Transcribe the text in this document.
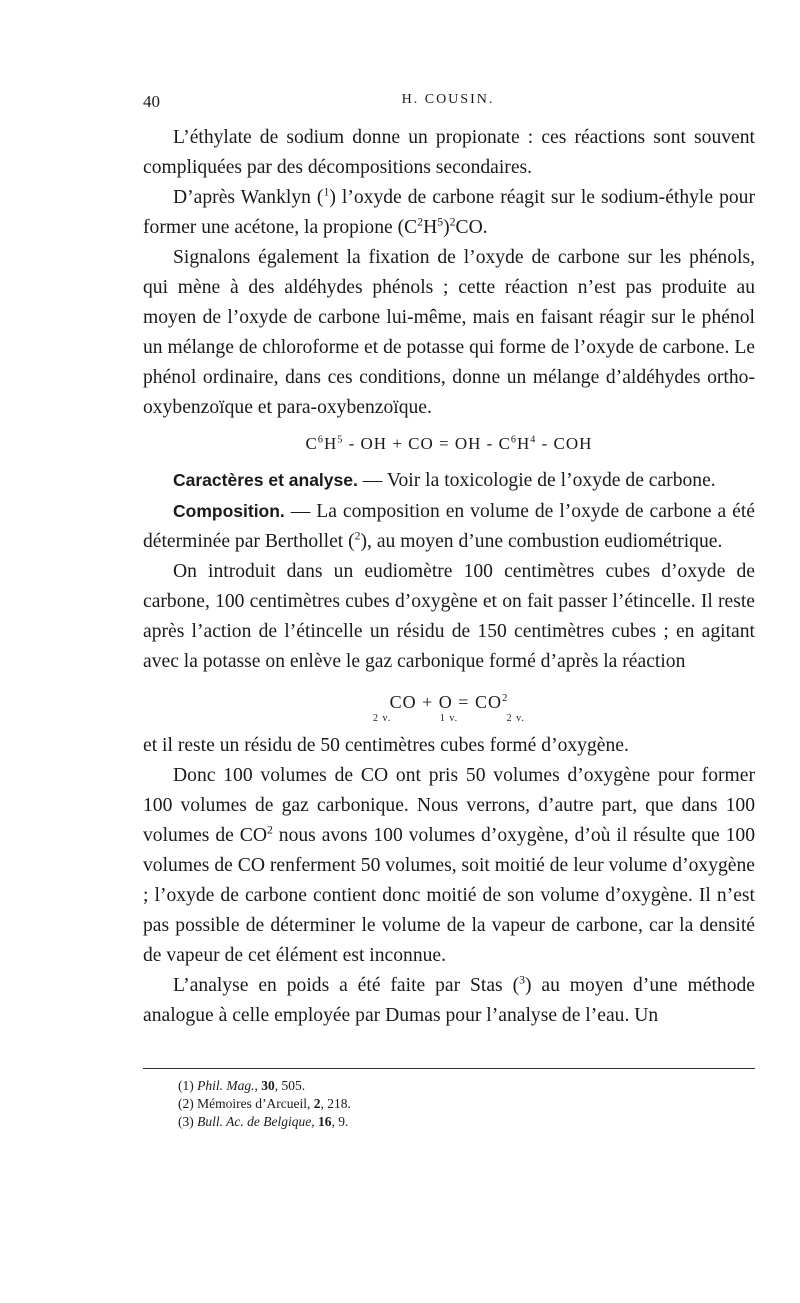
40	H. COUSIN.

L’éthylate de sodium donne un propionate : ces réactions sont souvent compliquées par des décompositions secondaires.

D’après Wanklyn ($^1$) l’oxyde de carbone réagit sur le sodium-éthyle pour former une acétone, la propione $(C^2H^5)^2CO$.

Signalons également la fixation de l’oxyde de carbone sur les phénols, qui mène à des aldéhydes phénols ; cette réaction n’est pas produite au moyen de l’oxyde de carbone lui-même, mais en faisant réagir sur le phénol un mélange de chloroforme et de potasse qui forme de l’oxyde de carbone. Le phénol ordinaire, dans ces conditions, donne un mélange d’aldéhydes ortho-oxybenzoïque et para-oxybenzoïque.

$C^6H^5$ - OH + CO = OH - $C^6H^4$ - COH

Caractères et analyse. — Voir la toxicologie de l’oxyde de carbone.

Composition. — La composition en volume de l’oxyde de carbone a été déterminée par Berthollet ($^2$), au moyen d’une combustion eudiométrique.

On introduit dans un eudiomètre 100 centimètres cubes d’oxyde de carbone, 100 centimètres cubes d’oxygène et on fait passer l’étincelle. Il reste après l’action de l’étincelle un résidu de 150 centimètres cubes ; en agitant avec la potasse on enlève le gaz carbonique formé d’après la réaction

CO + $O = CO^2$
2 v.	1 v.	2 v.

et il reste un résidu de 50 centimètres cubes formé d’oxygène.

Donc 100 volumes de CO ont pris 50 volumes d’oxygène pour former 100 volumes de gaz carbonique. Nous verrons, d’autre part, que dans 100 volumes de $CO^2$ nous avons 100 volumes d’oxygène, d’où il résulte que 100 volumes de CO renferment 50 volumes, soit moitié de leur volume d’oxygène ; l’oxyde de carbone contient donc moitié de son volume d’oxygène. Il n’est pas possible de déterminer le volume de la vapeur de carbone, car la densité de vapeur de cet élément est inconnue.

L’analyse en poids a été faite par Stas ($^3$) au moyen d’une méthode analogue à celle employée par Dumas pour l’analyse de l’eau. Un

(1) Phil. Mag., 30, 505.
(2) Mémoires d’Arcueil, 2, 218.
(3) Bull. Ac. de Belgique, 16, 9.
